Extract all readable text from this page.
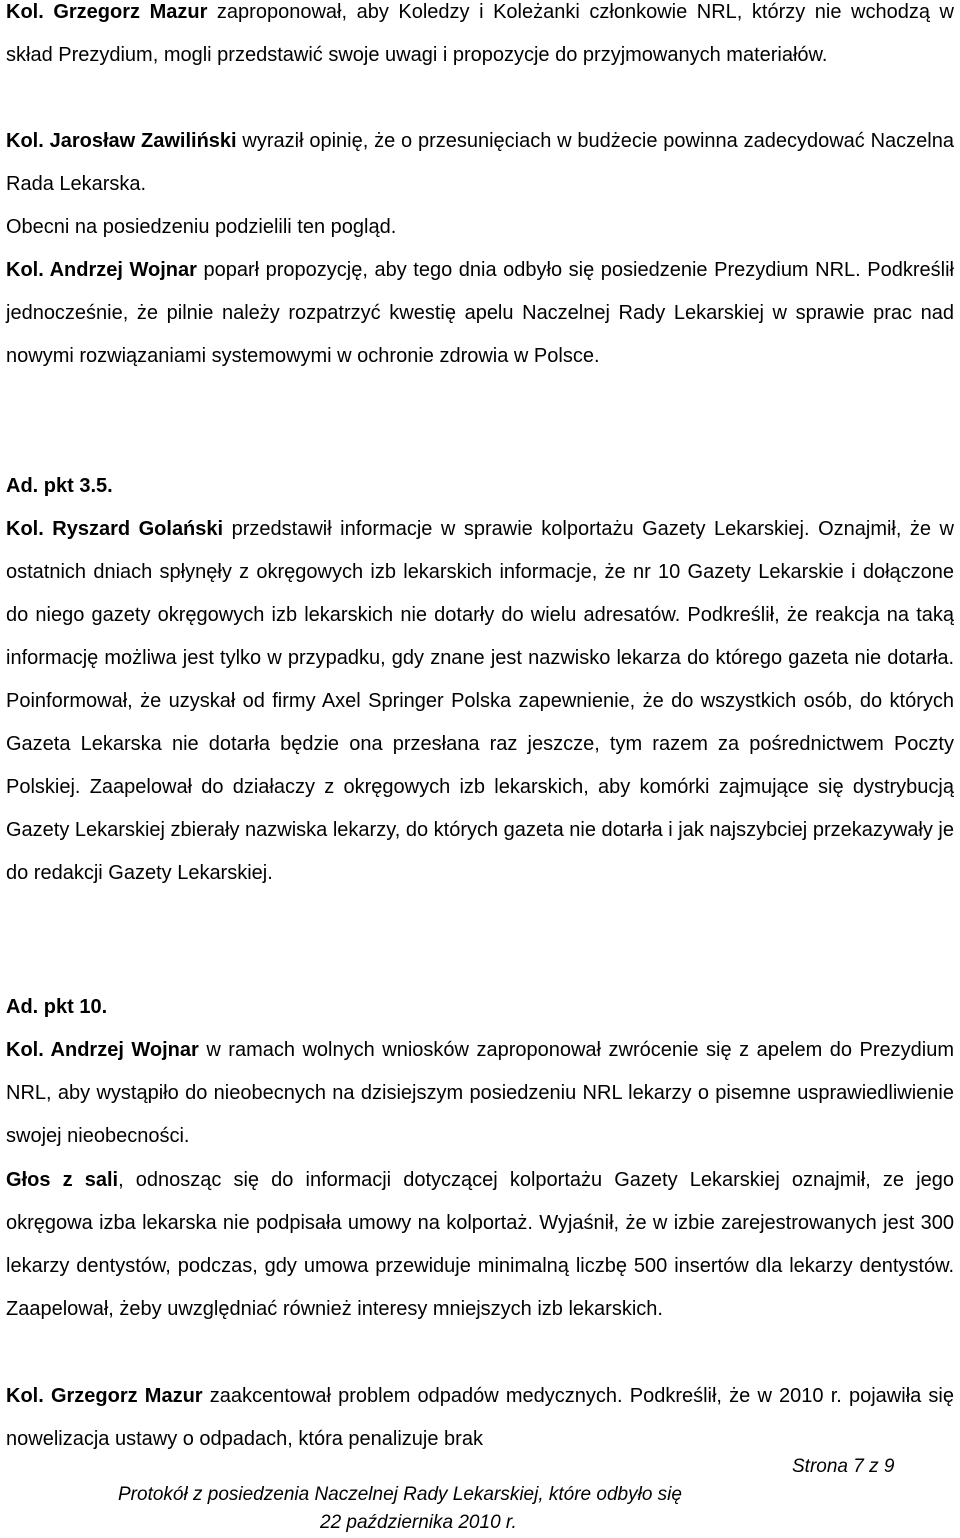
Kol. Grzegorz Mazur zaproponował, aby Koledzy i Koleżanki członkowie NRL, którzy nie wchodzą w skład Prezydium, mogli przedstawić swoje uwagi i propozycje do przyjmowanych materiałów.

Kol. Jarosław Zawiliński wyraził opinię, że o przesunięciach w budżecie powinna zadecydować Naczelna Rada Lekarska.

Obecni na posiedzeniu podzielili ten pogląd.

Kol. Andrzej Wojnar poparł propozycję, aby tego dnia odbyło się posiedzenie Prezydium NRL. Podkreślił jednocześnie, że pilnie należy rozpatrzyć kwestię apelu Naczelnej Rady Lekarskiej w sprawie prac nad nowymi rozwiązaniami systemowymi w ochronie zdrowia w Polsce.

Ad. pkt 3.5.

Kol. Ryszard Golański przedstawił informacje w sprawie kolportażu Gazety Lekarskiej. Oznajmił, że w ostatnich dniach spłynęły z okręgowych izb lekarskich informacje, że nr 10 Gazety Lekarskie i dołączone do niego gazety okręgowych izb lekarskich nie dotarły do wielu adresatów. Podkreślił, że reakcja na taką informację możliwa jest tylko w przypadku, gdy znane jest nazwisko lekarza do którego gazeta nie dotarła. Poinformował, że uzyskał od firmy Axel Springer Polska zapewnienie, że do wszystkich osób, do których Gazeta Lekarska nie dotarła będzie ona przesłana raz jeszcze, tym razem za pośrednictwem Poczty Polskiej. Zaapelował do działaczy z okręgowych izb lekarskich, aby komórki zajmujące się dystrybucją Gazety Lekarskiej zbierały nazwiska lekarzy, do których gazeta nie dotarła i jak najszybciej przekazywały je do redakcji Gazety Lekarskiej.

Ad. pkt 10.

Kol. Andrzej Wojnar w ramach wolnych wniosków zaproponował zwrócenie się z apelem do Prezydium NRL, aby wystąpiło do nieobecnych na dzisiejszym posiedzeniu NRL lekarzy o pisemne usprawiedliwienie swojej nieobecności.

Głos z sali, odnosząc się do informacji dotyczącej kolportażu Gazety Lekarskiej oznajmił, ze jego okręgowa izba lekarska nie podpisała umowy na kolportaż. Wyjaśnił, że w izbie zarejestrowanych jest 300 lekarzy dentystów, podczas, gdy umowa przewiduje minimalną liczbę 500 insertów dla lekarzy dentystów. Zaapelował, żeby uwzględniać również interesy mniejszych izb lekarskich.

Kol. Grzegorz Mazur zaakcentował problem odpadów medycznych. Podkreślił, że w 2010 r. pojawiła się nowelizacja ustawy o odpadach, która penalizuje brak

Strona 7 z 9
Protokół z posiedzenia Naczelnej Rady Lekarskiej, które odbyło się
22 października 2010 r.
